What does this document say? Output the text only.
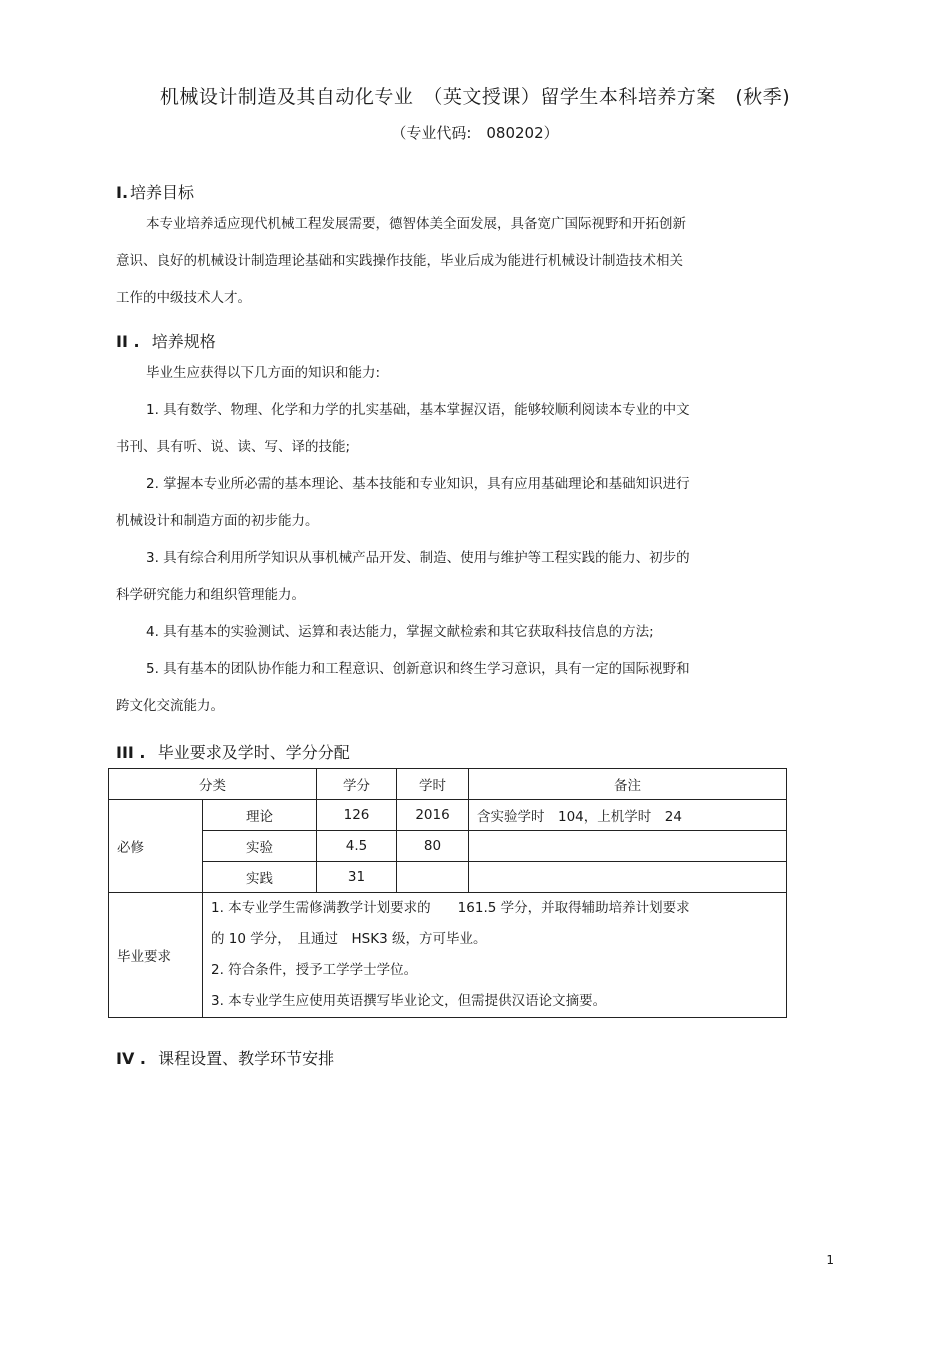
机械设计制造及其自动化专业　（英文授课）留学生本科培养方案　(秋季)
（专业代码:　080202）
I. 培养目标
本专业培养适应现代机械工程发展需要，德智体美全面发展，具备宽广国际视野和开拓创新
意识、良好的机械设计制造理论基础和实践操作技能，毕业后成为能进行机械设计制造技术相关
工作的中级技术人才。
II . 培养规格
毕业生应获得以下几方面的知识和能力:
1. 具有数学、物理、化学和力学的扎实基础，基本掌握汉语，能够较顺利阅读本专业的中文
书刊、具有听、说、读、写、译的技能;
2. 掌握本专业所必需的基本理论、基本技能和专业知识，具有应用基础理论和基础知识进行
机械设计和制造方面的初步能力。
3. 具有综合利用所学知识从事机械产品开发、制造、使用与维护等工程实践的能力、初步的
科学研究能力和组织管理能力。
4. 具有基本的实验测试、运算和表达能力，掌握文献检索和其它获取科技信息的方法;
5. 具有基本的团队协作能力和工程意识、创新意识和终生学习意识，具有一定的国际视野和
跨文化交流能力。
III . 毕业要求及学时、学分分配
分类		学分	学时	备注
必修	理论	126	2016	含实验学时　104，上机学时　24
	实验	4.5	80	
	实践	31		
毕业要求	1. 本专业学生需修满教学计划要求的　　161.5 学分，并取得辅助培养计划要求
的 10 学分，　且通过　HSK3 级，方可毕业。
2. 符合条件，授予工学学士学位。
3. 本专业学生应使用英语撰写毕业论文，但需提供汉语论文摘要。			
IV . 课程设置、教学环节安排
1
